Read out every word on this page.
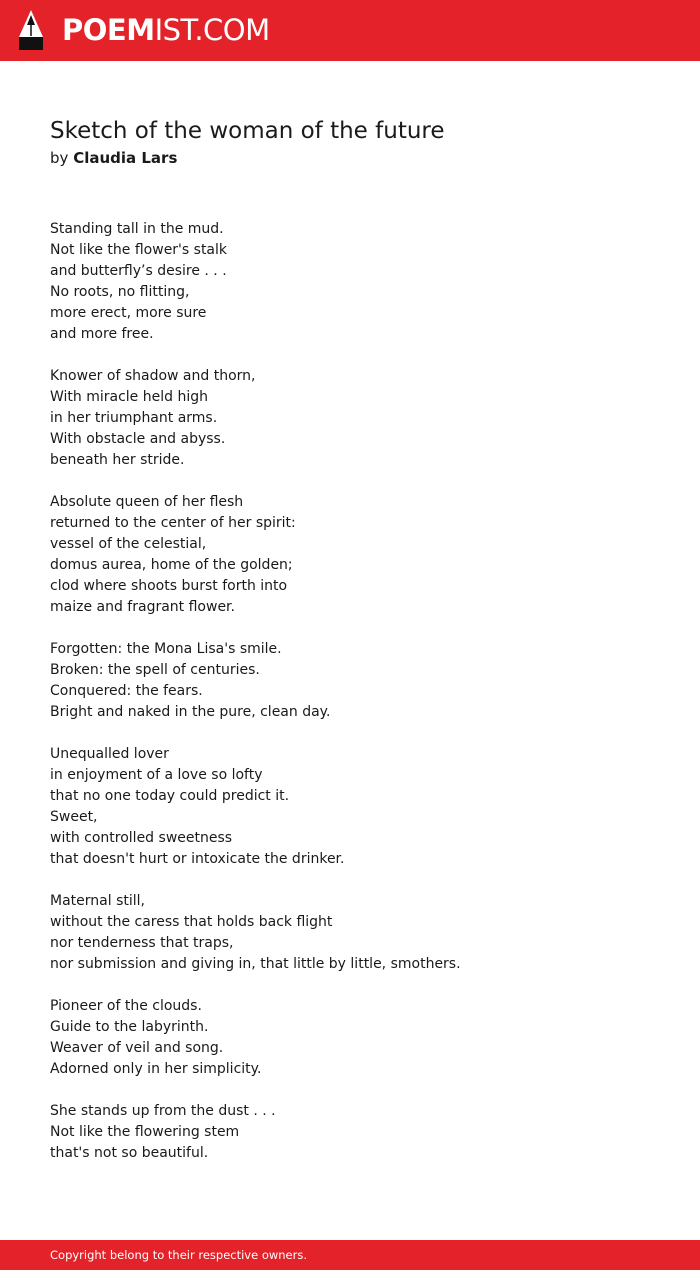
POEMIST.COM
Sketch of the woman of the future
by Claudia Lars
Standing tall in the mud.
Not like the flower's stalk
and butterfly’s desire . . .
No roots, no flitting,
more erect, more sure
and more free.
Knower of shadow and thorn,
With miracle held high
in her triumphant arms.
With obstacle and abyss.
beneath her stride.
Absolute queen of her flesh
returned to the center of her spirit:
vessel of the celestial,
domus aurea, home of the golden;
clod where shoots burst forth into
maize and fragrant flower.
Forgotten: the Mona Lisa's smile.
Broken: the spell of centuries.
Conquered: the fears.
Bright and naked in the pure, clean day.
Unequalled lover
in enjoyment of a love so lofty
that no one today could predict it.
Sweet,
with controlled sweetness
that doesn't hurt or intoxicate the drinker.
Maternal still,
without the caress that holds back flight
nor tenderness that traps,
nor submission and giving in, that little by little, smothers.
Pioneer of the clouds.
Guide to the labyrinth.
Weaver of veil and song.
Adorned only in her simplicity.
She stands up from the dust . . .
Not like the flowering stem
that's not so beautiful.
Copyright belong to their respective owners.
